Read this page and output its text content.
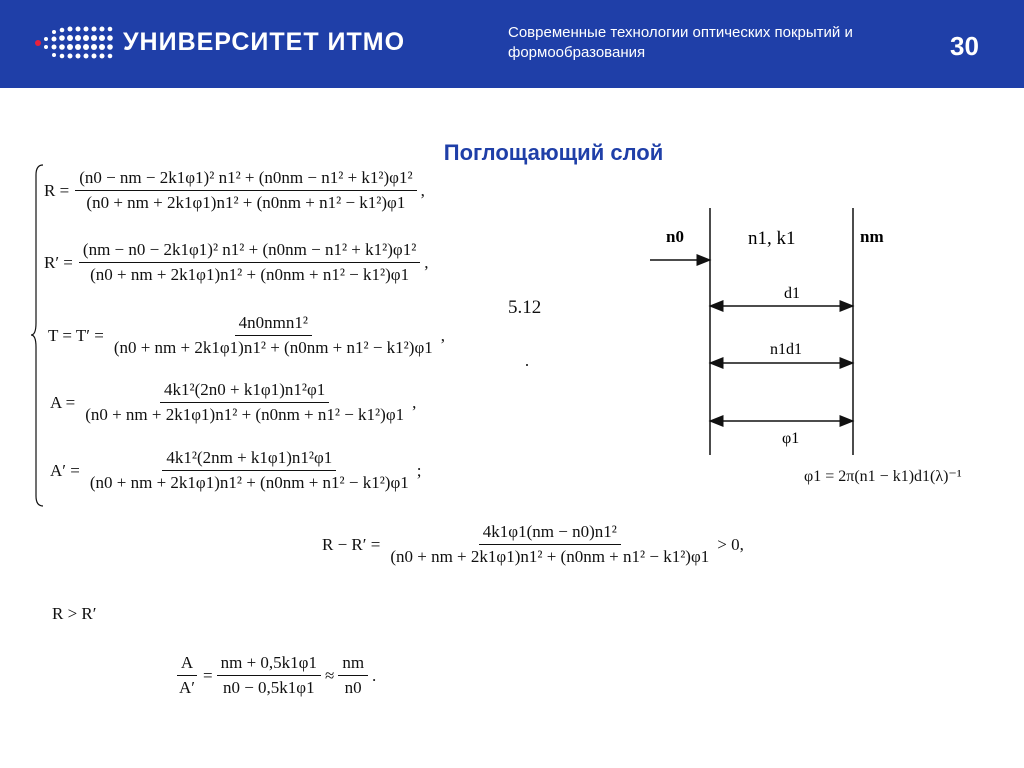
УНИВЕРСИТЕТ ИТМО	Современные технологии оптических покрытий и формообразования	30
Поглощающий слой
$R = \frac{\text{(n0 − nm − 2k1φ1)² n1² + (n0nm − n1² + k1²)φ1²}}{\text{(n0 + nm + 2k1φ1)n1² + (n0nm + n1² − k1²)φ1}}$ ,
$R' = \frac{\text{(nm − n0 − 2k1φ1)² n1² + (n0nm − n1² + k1²)φ1²}}{\text{(n0 + nm + 2k1φ1)n1² + (n0nm + n1² − k1²)φ1}}$ ,
$T = T' = \frac{\text{4n0nmn1²}}{\text{(n0 + nm + 2k1φ1)n1² + (n0nm + n1² − k1²)φ1}}$ ,
$A = \frac{\text{4k1²(2n0 + k1φ1)n1²φ1}}{\text{(n0 + nm + 2k1φ1)n1² + (n0nm + n1² − k1²)φ1}}$ ,
$A' = \frac{\text{4k1²(2nm + k1φ1)n1²φ1}}{\text{(n0 + nm + 2k1φ1)n1² + (n0nm + n1² − k1²)φ1}}$ ;
5.12
n0	n1, k1	nm
d1
n1d1
φ1
φ1 = 2π(n1 − k1)d1(λ)⁻¹
$R - R' = \frac{\text{4k1φ1(nm − n0)n1²}}{\text{(n0 + nm + 2k1φ1)n1² + (n0nm + n1² − k1²)φ1}} > 0$,
R > R′
$\frac{A}{A'} = \frac{nm + 0,5k1\varphi 1}{n0 - 0,5k1\varphi 1} \approx \frac{nm}{n0}$ .
